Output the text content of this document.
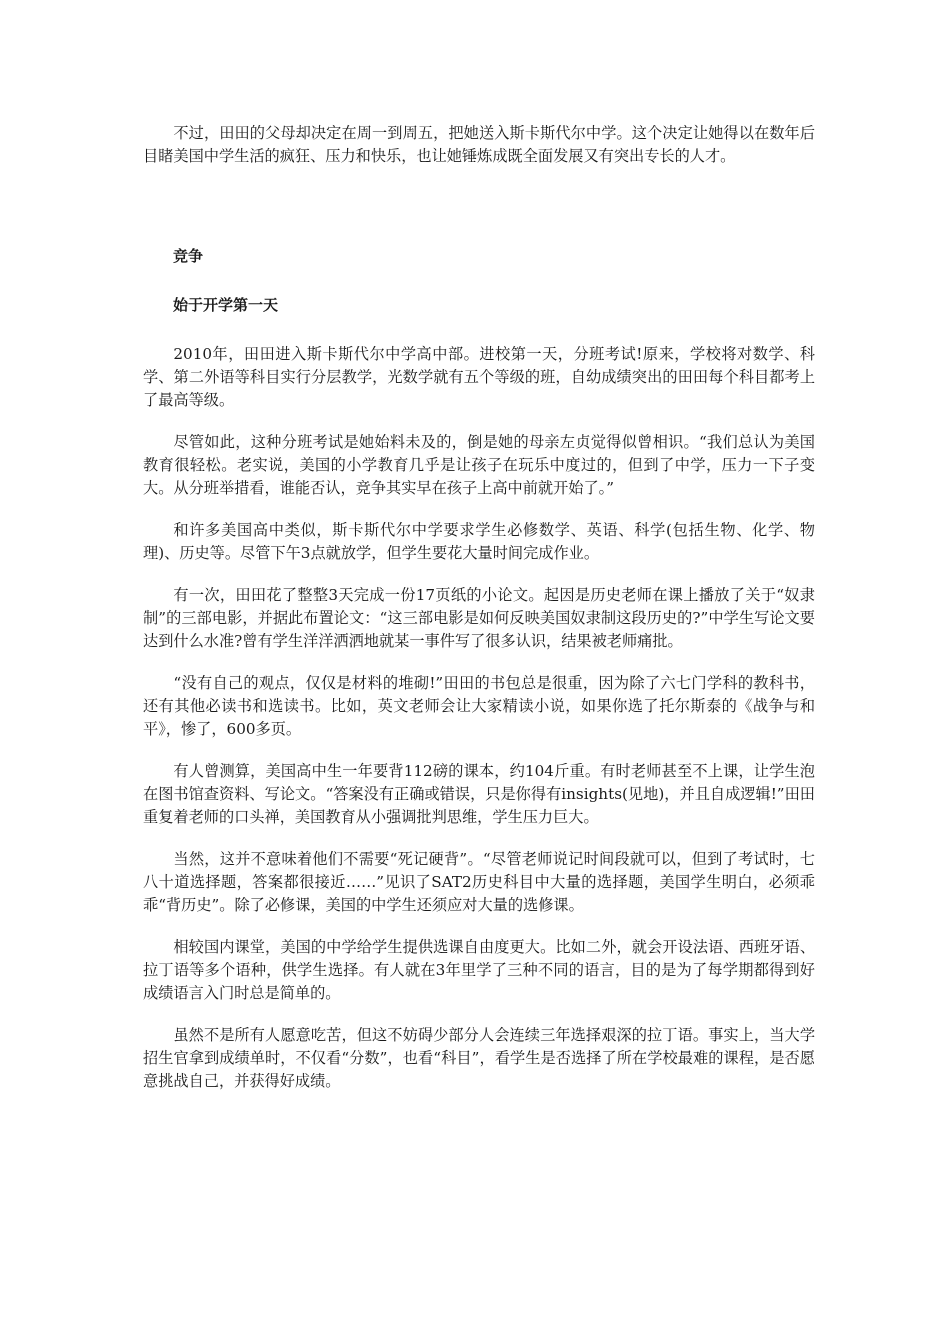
不过，田田的父母却决定在周一到周五，把她送入斯卡斯代尔中学。这个决定让她得以在数年后目睹美国中学生活的疯狂、压力和快乐，也让她锤炼成既全面发展又有突出专长的人才。

竞争

始于开学第一天

2010年，田田进入斯卡斯代尔中学高中部。进校第一天，分班考试!原来，学校将对数学、科学、第二外语等科目实行分层教学，光数学就有五个等级的班，自幼成绩突出的田田每个科目都考上了最高等级。

尽管如此，这种分班考试是她始料未及的，倒是她的母亲左贞觉得似曾相识。“我们总认为美国教育很轻松。老实说，美国的小学教育几乎是让孩子在玩乐中度过的，但到了中学，压力一下子变大。从分班举措看，谁能否认，竞争其实早在孩子上高中前就开始了。”

和许多美国高中类似，斯卡斯代尔中学要求学生必修数学、英语、科学(包括生物、化学、物理)、历史等。尽管下午3点就放学，但学生要花大量时间完成作业。

有一次，田田花了整整3天完成一份17页纸的小论文。起因是历史老师在课上播放了关于“奴隶制”的三部电影，并据此布置论文：“这三部电影是如何反映美国奴隶制这段历史的?”中学生写论文要达到什么水准?曾有学生洋洋洒洒地就某一事件写了很多认识，结果被老师痛批。

“没有自己的观点，仅仅是材料的堆砌!”田田的书包总是很重，因为除了六七门学科的教科书，还有其他必读书和选读书。比如，英文老师会让大家精读小说，如果你选了托尔斯泰的《战争与和平》，惨了，600多页。

有人曾测算，美国高中生一年要背112磅的课本，约104斤重。有时老师甚至不上课，让学生泡在图书馆查资料、写论文。“答案没有正确或错误，只是你得有insights(见地)，并且自成逻辑!”田田重复着老师的口头禅，美国教育从小强调批判思维，学生压力巨大。

当然，这并不意味着他们不需要“死记硬背”。“尽管老师说记时间段就可以，但到了考试时，七八十道选择题，答案都很接近……”见识了SAT2历史科目中大量的选择题，美国学生明白，必须乖乖“背历史”。除了必修课，美国的中学生还须应对大量的选修课。

相较国内课堂，美国的中学给学生提供选课自由度更大。比如二外，就会开设法语、西班牙语、拉丁语等多个语种，供学生选择。有人就在3年里学了三种不同的语言，目的是为了每学期都得到好成绩语言入门时总是简单的。

虽然不是所有人愿意吃苦，但这不妨碍少部分人会连续三年选择艰深的拉丁语。事实上，当大学招生官拿到成绩单时，不仅看“分数”，也看“科目”，看学生是否选择了所在学校最难的课程，是否愿意挑战自己，并获得好成绩。
